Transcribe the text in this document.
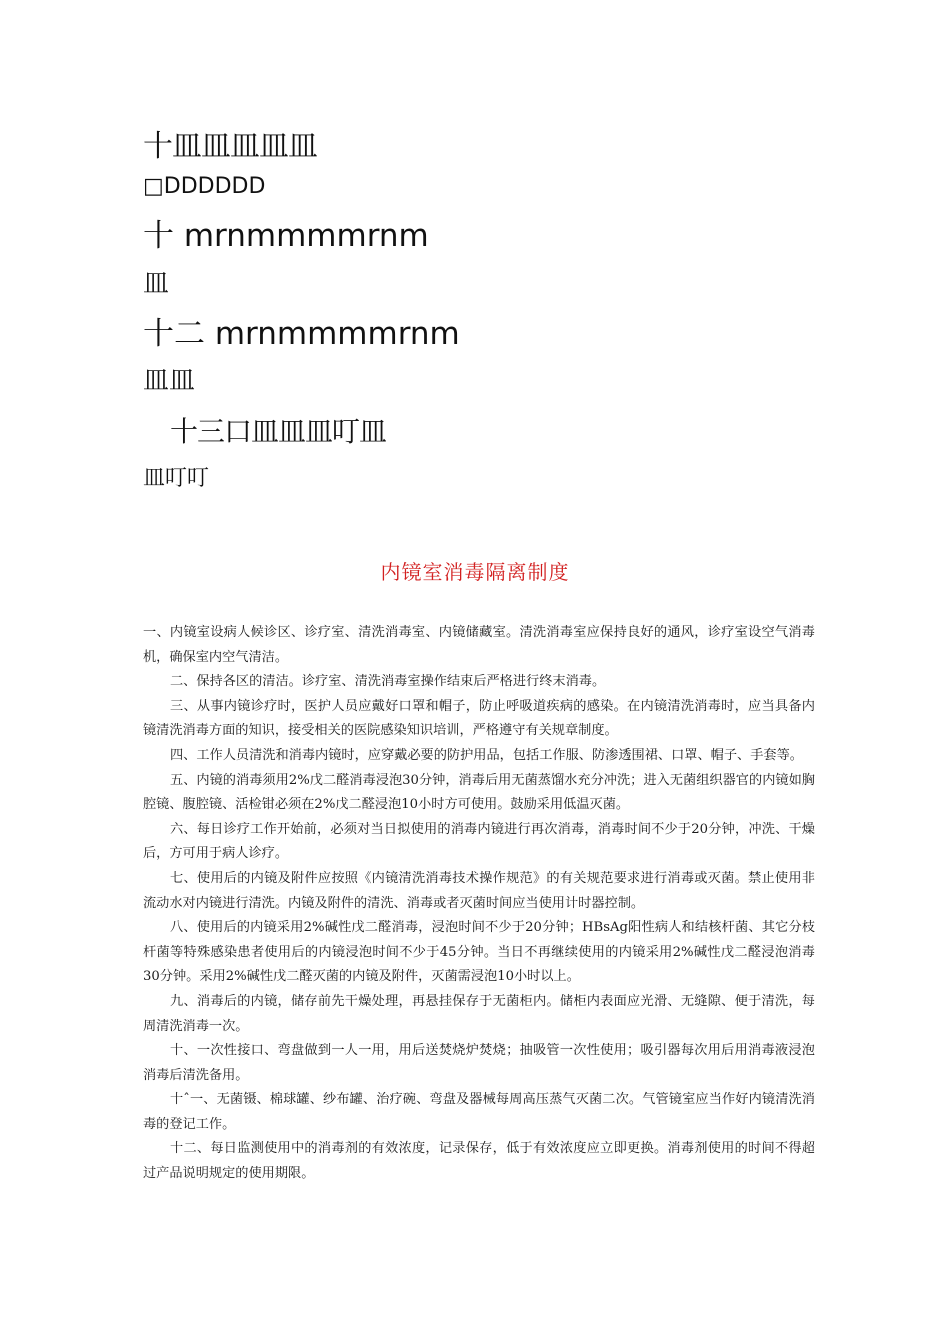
十皿皿皿皿皿
□DDDDDD
十 mrnmmmmrnm
皿
十二 mrnmmmmrnm
皿皿
十三口皿皿皿叮皿
皿叮叮
内镜室消毒隔离制度

一、内镜室设病人候诊区、诊疗室、清洗消毒室、内镜储藏室。清洗消毒室应保持良好的通风，诊疗室设空气消毒机，确保室内空气清洁。

二、保持各区的清洁。诊疗室、清洗消毒室操作结束后严格进行终末消毒。

三、从事内镜诊疗时，医护人员应戴好口罩和帽子，防止呼吸道疾病的感染。在内镜清洗消毒时，应当具备内镜清洗消毒方面的知识，接受相关的医院感染知识培训，严格遵守有关规章制度。

四、工作人员清洗和消毒内镜时，应穿戴必要的防护用品，包括工作服、防渗透围裙、口罩、帽子、手套等。

五、内镜的消毒须用2%戊二醛消毒浸泡30分钟，消毒后用无菌蒸馏水充分冲洗；进入无菌组织器官的内镜如胸腔镜、腹腔镜、活检钳必须在2%戊二醛浸泡10小时方可使用。鼓励采用低温灭菌。

六、每日诊疗工作开始前，必须对当日拟使用的消毒内镜进行再次消毒，消毒时间不少于20分钟，冲洗、干燥后，方可用于病人诊疗。

七、使用后的内镜及附件应按照《内镜清洗消毒技术操作规范》的有关规范要求进行消毒或灭菌。禁止使用非流动水对内镜进行清洗。内镜及附件的清洗、消毒或者灭菌时间应当使用计时器控制。

八、使用后的内镜采用2%碱性戊二醛消毒，浸泡时间不少于20分钟；HBsAg阳性病人和结核杆菌、其它分枝杆菌等特殊感染患者使用后的内镜浸泡时间不少于45分钟。当日不再继续使用的内镜采用2%碱性戊二醛浸泡消毒30分钟。采用2%碱性戊二醛灭菌的内镜及附件，灭菌需浸泡10小时以上。

九、消毒后的内镜，储存前先干燥处理，再悬挂保存于无菌柜内。储柜内表面应光滑、无缝隙、便于清洗，每周清洗消毒一次。

十、一次性接口、弯盘做到一人一用，用后送焚烧炉焚烧；抽吸管一次性使用；吸引器每次用后用消毒液浸泡消毒后清洗备用。

十ˆ一、无菌镊、棉球罐、纱布罐、治疗碗、弯盘及器械每周高压蒸气灭菌二次。气管镜室应当作好内镜清洗消毒的登记工作。

十二、每日监测使用中的消毒剂的有效浓度，记录保存，低于有效浓度应立即更换。消毒剂使用的时间不得超过产品说明规定的使用期限。
